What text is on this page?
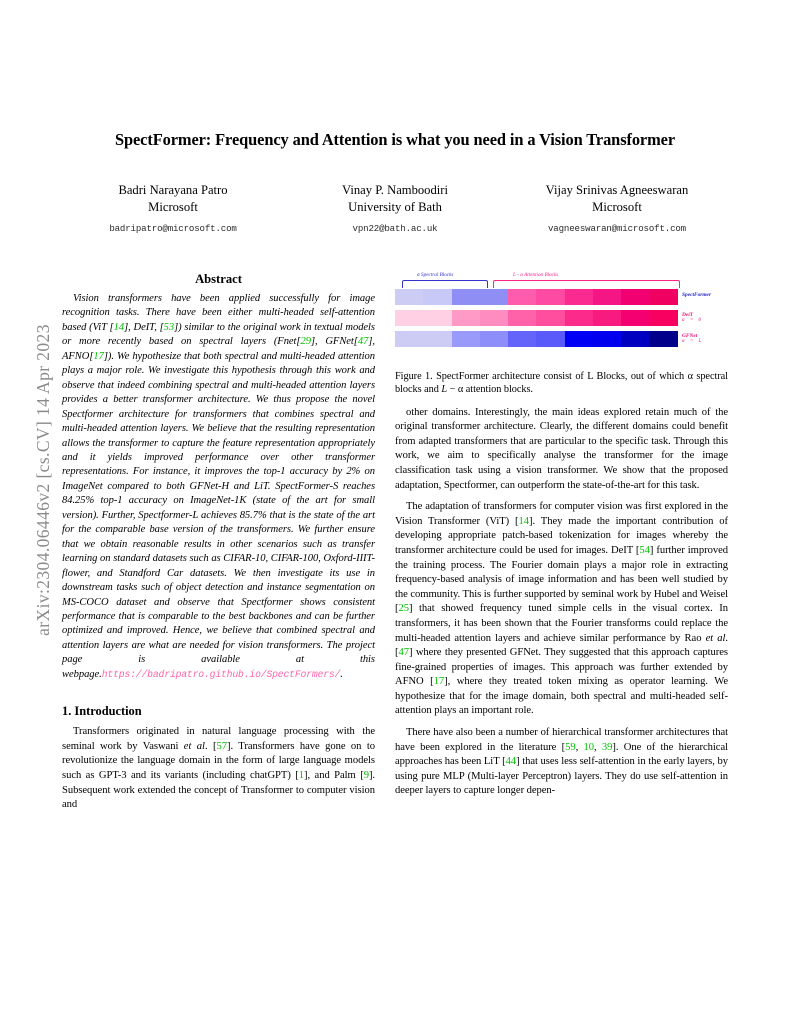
arXiv:2304.06446v2 [cs.CV] 14 Apr 2023
SpectFormer: Frequency and Attention is what you need in a Vision Transformer
Badri Narayana Patro
Microsoft
badripatro@microsoft.com
Vinay P. Namboodiri
University of Bath
vpn22@bath.ac.uk
Vijay Srinivas Agneeswaran
Microsoft
vagneeswaran@microsoft.com
Abstract

Vision transformers have been applied successfully for image recognition tasks. There have been either multi-headed self-attention based (ViT [14], DeIT, [53]) similar to the original work in textual models or more recently based on spectral layers (Fnet[29], GFNet[47], AFNO[17]). We hypothesize that both spectral and multi-headed attention plays a major role. We investigate this hypothesis through this work and observe that indeed combining spectral and multi-headed attention layers provides a better transformer architecture. We thus propose the novel Spectformer architecture for transformers that combines spectral and multi-headed attention layers. We believe that the resulting representation allows the transformer to capture the feature representation appropriately and it yields improved performance over other transformer representations. For instance, it improves the top-1 accuracy by 2% on ImageNet compared to both GFNet-H and LiT. SpectFormer-S reaches 84.25% top-1 accuracy on ImageNet-1K (state of the art for small version). Further, Spectformer-L achieves 85.7% that is the state of the art for the comparable base version of the transformers. We further ensure that we obtain reasonable results in other scenarios such as transfer learning on standard datasets such as CIFAR-10, CIFAR-100, Oxford-IIIT-flower, and Standford Car datasets. We then investigate its use in downstream tasks such of object detection and instance segmentation on MS-COCO dataset and observe that Spectformer shows consistent performance that is comparable to the best backbones and can be further optimized and improved. Hence, we believe that combined spectral and attention layers are what are needed for vision transformers. The project page is available at this webpage.https://badripatro.github.io/SpectFormers/.

1. Introduction

Transformers originated in natural language processing with the seminal work by Vaswani et al. [57]. Transformers have gone on to revolutionize the language domain in the form of large language models such as GPT-3 and its variants (including chatGPT) [1], and Palm [9]. Subsequent work extended the concept of Transformer to computer vision and

α Spectral Blocks	L - α Attention Blocks
SpectFormer
DeiT
α = 0
GFNet
α = L

Figure 1. SpectFormer architecture consist of L Blocks, out of which α spectral blocks and L − α attention blocks.

other domains. Interestingly, the main ideas explored retain much of the original transformer architecture. Clearly, the different domains could benefit from adapted transformers that are particular to the specific task. Through this work, we aim to specifically analyse the transformer for the image classification task using a vision transformer. We show that the proposed adaptation, Spectformer, can outperform the state-of-the-art for this task.

The adaptation of transformers for computer vision was first explored in the Vision Transformer (ViT) [14]. They made the important contribution of developing appropriate patch-based tokenization for images whereby the transformer architecture could be used for images. DeIT [54] further improved the training process. The Fourier domain plays a major role in extracting frequency-based analysis of image information and has been well studied by the community. This is further supported by seminal work by Hubel and Weisel [25] that showed frequency tuned simple cells in the visual cortex. In transformers, it has been shown that the Fourier transforms could replace the multi-headed attention layers and achieve similar performance by Rao et al. [47] where they presented GFNet. They suggested that this approach captures fine-grained properties of images. This approach was further extended by AFNO [17], where they treated token mixing as operator learning. We hypothesize that for the image domain, both spectral and multi-headed self-attention plays an important role.

There have also been a number of hierarchical transformer architectures that have been explored in the literature [59, 10, 39]. One of the hierarchical approaches has been LiT [44] that uses less self-attention in the early layers, by using pure MLP (Multi-layer Perceptron) layers. They do use self-attention in deeper layers to capture longer depen-
